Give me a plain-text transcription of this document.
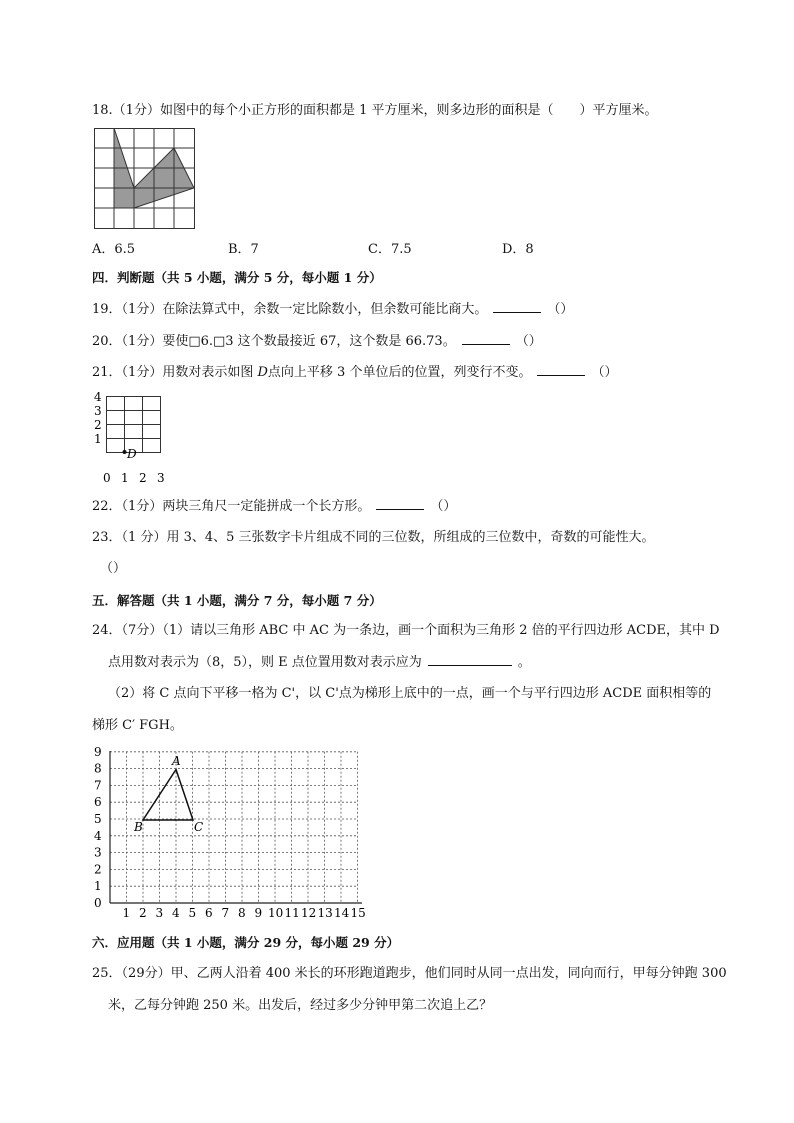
18.（1分）如图中的每个小正方形的面积都是 1 平方厘米，则多边形的面积是（　　）平方厘米。
A．6.5	B．7	C．7.5	D．8
四．判断题（共 5 小题，满分 5 分，每小题 1 分）
19．（1分）在除法算式中，余数一定比除数小，但余数可能比商大。	（）
20．（1分）要使□6.□3 这个数最接近 67，这个数是 66.73。	（）
21．（1分）用数对表示如图 D点向上平移 3 个单位后的位置，列变行不变。	（）
D
4
3
2
1
0 1 2 3
22．（1分）两块三角尺一定能拼成一个长方形。	（）
23．（1 分）用 3、4、5 三张数字卡片组成不同的三位数，所组成的三位数中，奇数的可能性大。
（）
五．解答题（共 1 小题，满分 7 分，每小题 7 分）
24．（7分）（1）请以三角形 ABC 中 AC 为一条边，画一个面积为三角形 2 倍的平行四边形 ACDE，其中 D
点用数对表示为（8，5），则 E 点位置用数对表示应为	。
（2）将 C 点向下平移一格为 C'，以 C'点为梯形上底中的一点，画一个与平行四边形 ACDE 面积相等的
梯形 C′ FGH。
A
B	C
9
8
7
6
5
4
3
2
1
0
1 2 3 4 5 6 7 8 9 10 11 12 13 14 15
六．应用题（共 1 小题，满分 29 分，每小题 29 分）
25．（29分）甲、乙两人沿着 400 米长的环形跑道跑步，他们同时从同一点出发，同向而行，甲每分钟跑 300
米，乙每分钟跑 250 米。出发后，经过多少分钟甲第二次追上乙？
